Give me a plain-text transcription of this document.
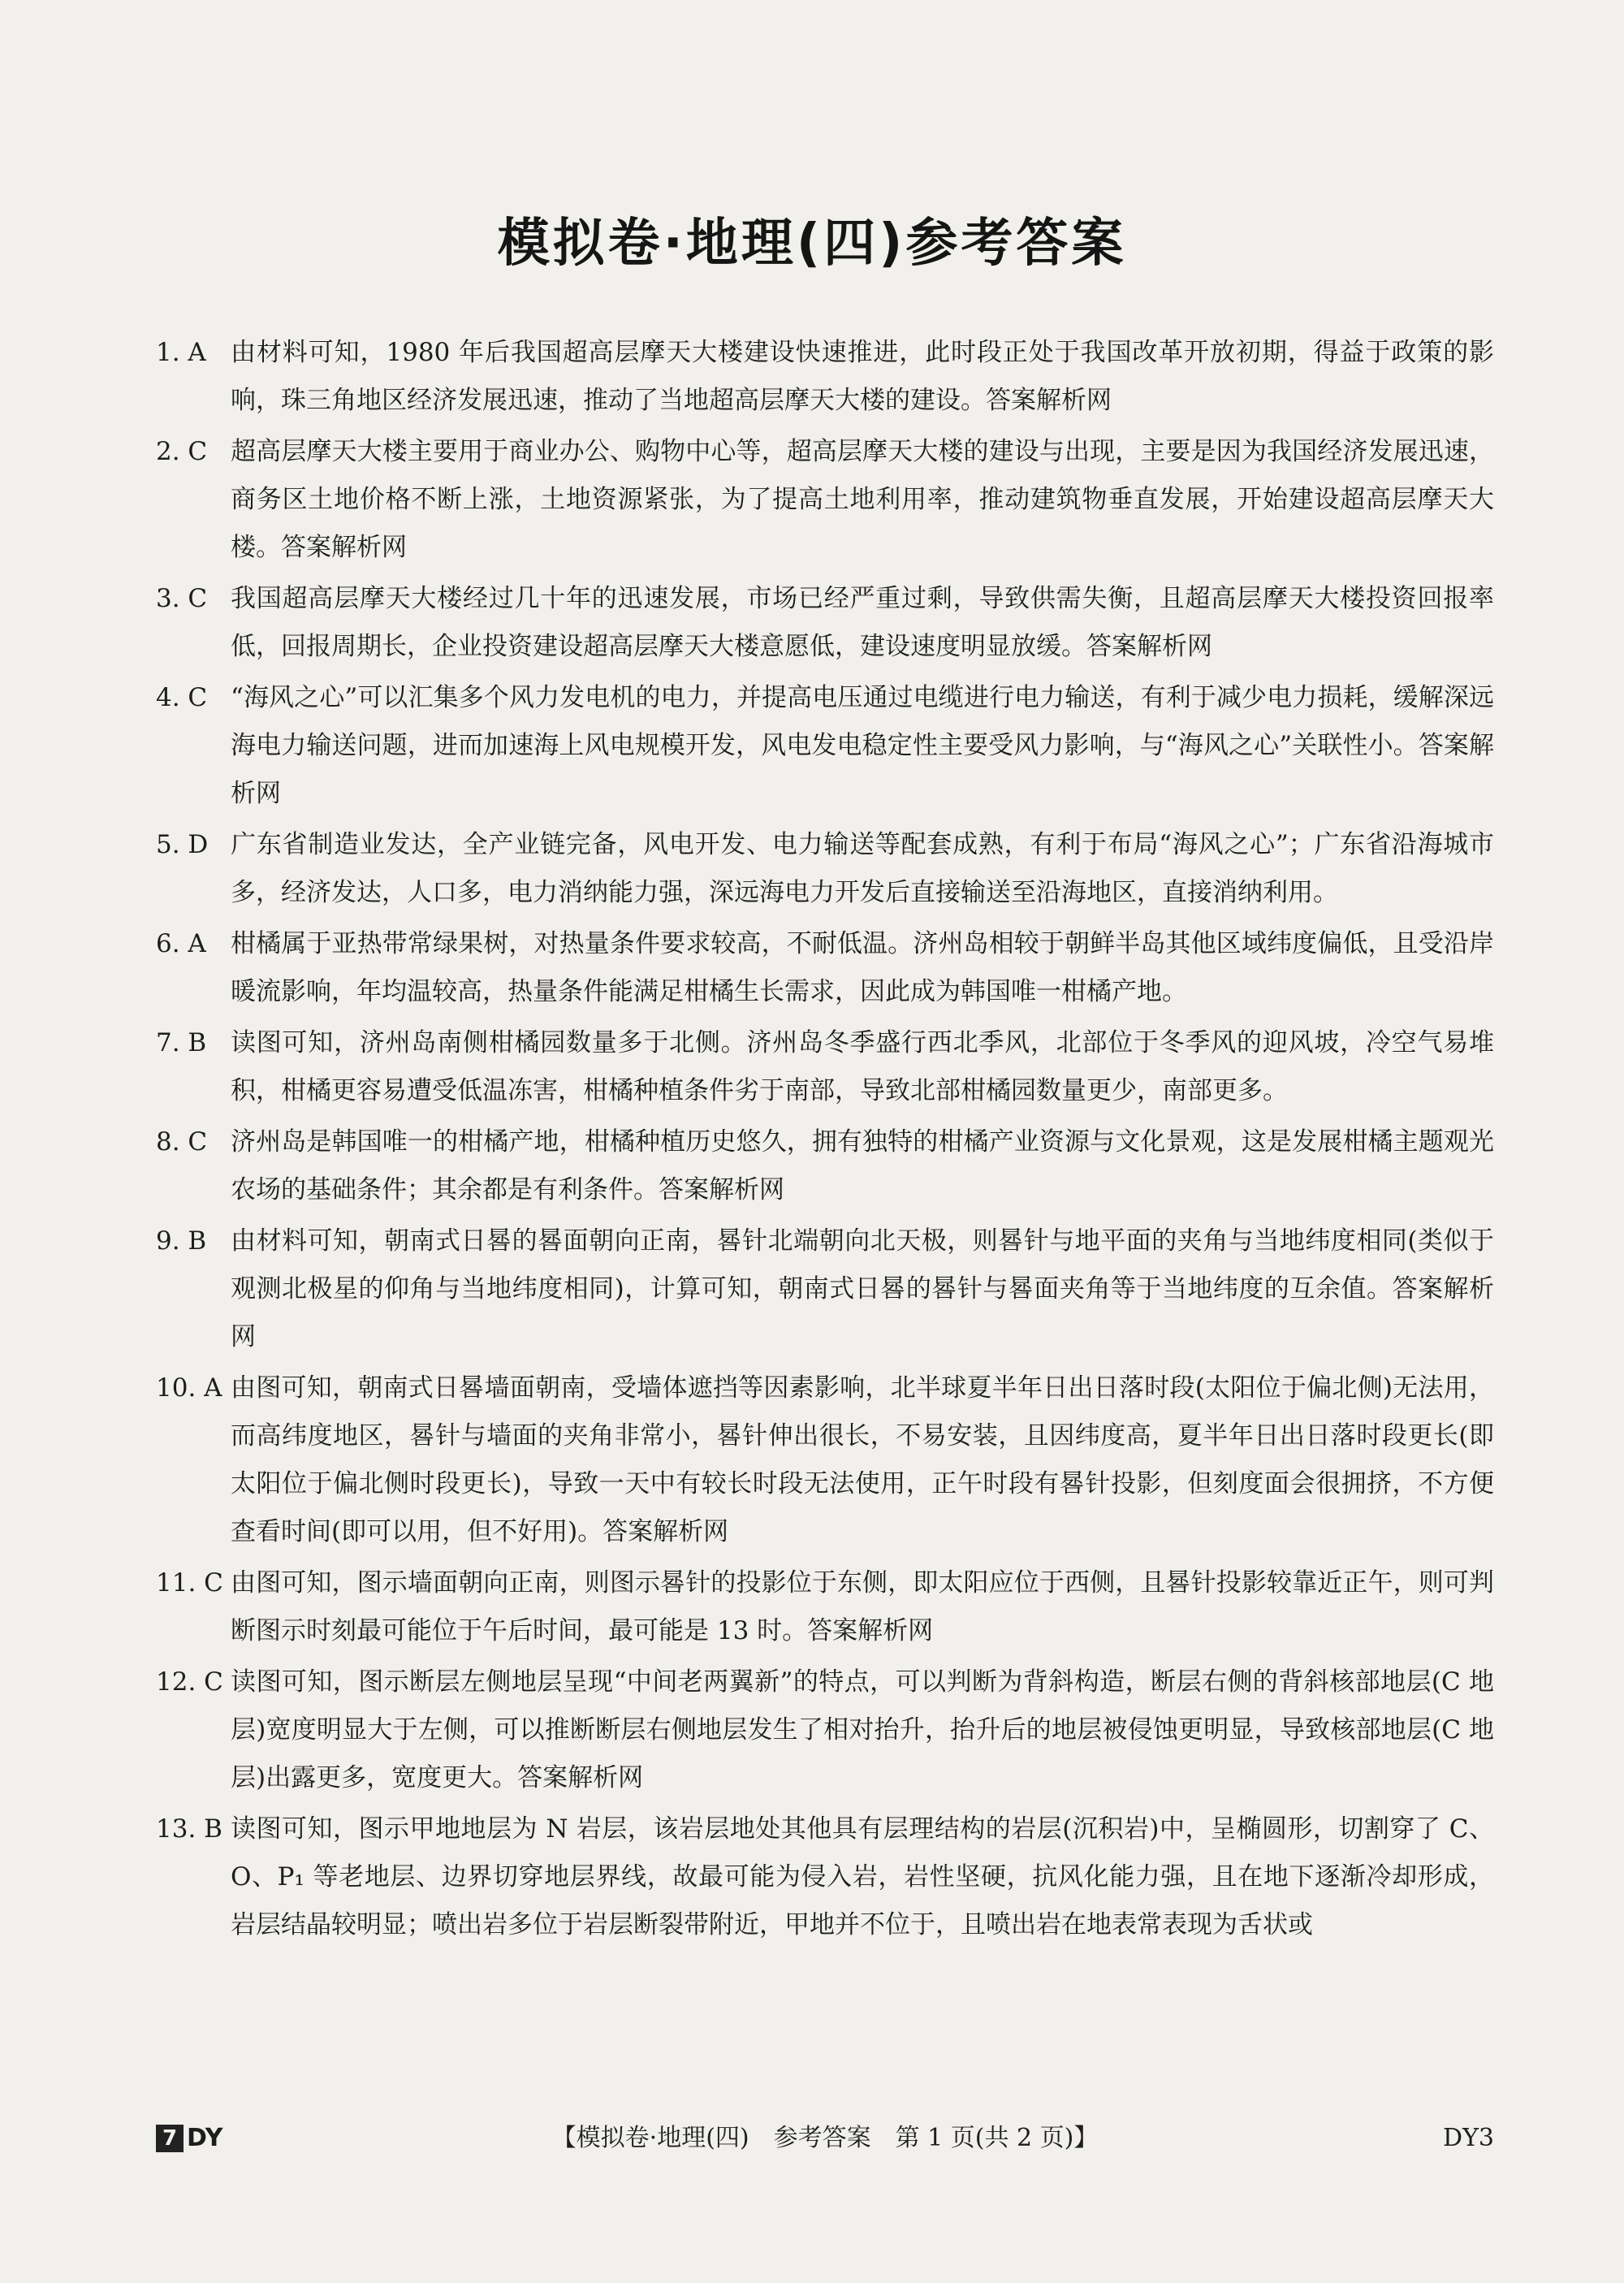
模拟卷·地理(四)参考答案
1. A 由材料可知，1980 年后我国超高层摩天大楼建设快速推进，此时段正处于我国改革开放初期，得益于政策的影响，珠三角地区经济发展迅速，推动了当地超高层摩天大楼的建设。答案解析网
2. C 超高层摩天大楼主要用于商业办公、购物中心等，超高层摩天大楼的建设与出现，主要是因为我国经济发展迅速，商务区土地价格不断上涨，土地资源紧张，为了提高土地利用率，推动建筑物垂直发展，开始建设超高层摩天大楼。答案解析网
3. C 我国超高层摩天大楼经过几十年的迅速发展，市场已经严重过剩，导致供需失衡，且超高层摩天大楼投资回报率低，回报周期长，企业投资建设超高层摩天大楼意愿低，建设速度明显放缓。答案解析网
4. C “海风之心”可以汇集多个风力发电机的电力，并提高电压通过电缆进行电力输送，有利于减少电力损耗，缓解深远海电力输送问题，进而加速海上风电规模开发，风电发电稳定性主要受风力影响，与“海风之心”关联性小。答案解析网
5. D 广东省制造业发达，全产业链完备，风电开发、电力输送等配套成熟，有利于布局“海风之心”；广东省沿海城市多，经济发达，人口多，电力消纳能力强，深远海电力开发后直接输送至沿海地区，直接消纳利用。
6. A 柑橘属于亚热带常绿果树，对热量条件要求较高，不耐低温。济州岛相较于朝鲜半岛其他区域纬度偏低，且受沿岸暖流影响，年均温较高，热量条件能满足柑橘生长需求，因此成为韩国唯一柑橘产地。
7. B 读图可知，济州岛南侧柑橘园数量多于北侧。济州岛冬季盛行西北季风，北部位于冬季风的迎风坡，冷空气易堆积，柑橘更容易遭受低温冻害，柑橘种植条件劣于南部，导致北部柑橘园数量更少，南部更多。
8. C 济州岛是韩国唯一的柑橘产地，柑橘种植历史悠久，拥有独特的柑橘产业资源与文化景观，这是发展柑橘主题观光农场的基础条件；其余都是有利条件。答案解析网
9. B 由材料可知，朝南式日晷的晷面朝向正南，晷针北端朝向北天极，则晷针与地平面的夹角与当地纬度相同(类似于观测北极星的仰角与当地纬度相同)，计算可知，朝南式日晷的晷针与晷面夹角等于当地纬度的互余值。答案解析网
10. A 由图可知，朝南式日晷墙面朝南，受墙体遮挡等因素影响，北半球夏半年日出日落时段(太阳位于偏北侧)无法用，而高纬度地区，晷针与墙面的夹角非常小，晷针伸出很长，不易安装，且因纬度高，夏半年日出日落时段更长(即太阳位于偏北侧时段更长)，导致一天中有较长时段无法使用，正午时段有晷针投影，但刻度面会很拥挤，不方便查看时间(即可以用，但不好用)。答案解析网
11. C 由图可知，图示墙面朝向正南，则图示晷针的投影位于东侧，即太阳应位于西侧，且晷针投影较靠近正午，则可判断图示时刻最可能位于午后时间，最可能是 13 时。答案解析网
12. C 读图可知，图示断层左侧地层呈现“中间老两翼新”的特点，可以判断为背斜构造，断层右侧的背斜核部地层(C 地层)宽度明显大于左侧，可以推断断层右侧地层发生了相对抬升，抬升后的地层被侵蚀更明显，导致核部地层(C 地层)出露更多，宽度更大。答案解析网
13. B 读图可知，图示甲地地层为 N 岩层，该岩层地处其他具有层理结构的岩层(沉积岩)中，呈椭圆形，切割穿了 C、O、P₁ 等老地层、边界切穿地层界线，故最可能为侵入岩，岩性坚硬，抗风化能力强，且在地下逐渐冷却形成，岩层结晶较明显；喷出岩多位于岩层断裂带附近，甲地并不位于，且喷出岩在地表常表现为舌状或
7 DY	【模拟卷·地理(四)　参考答案　第 1 页(共 2 页)】	DY3
